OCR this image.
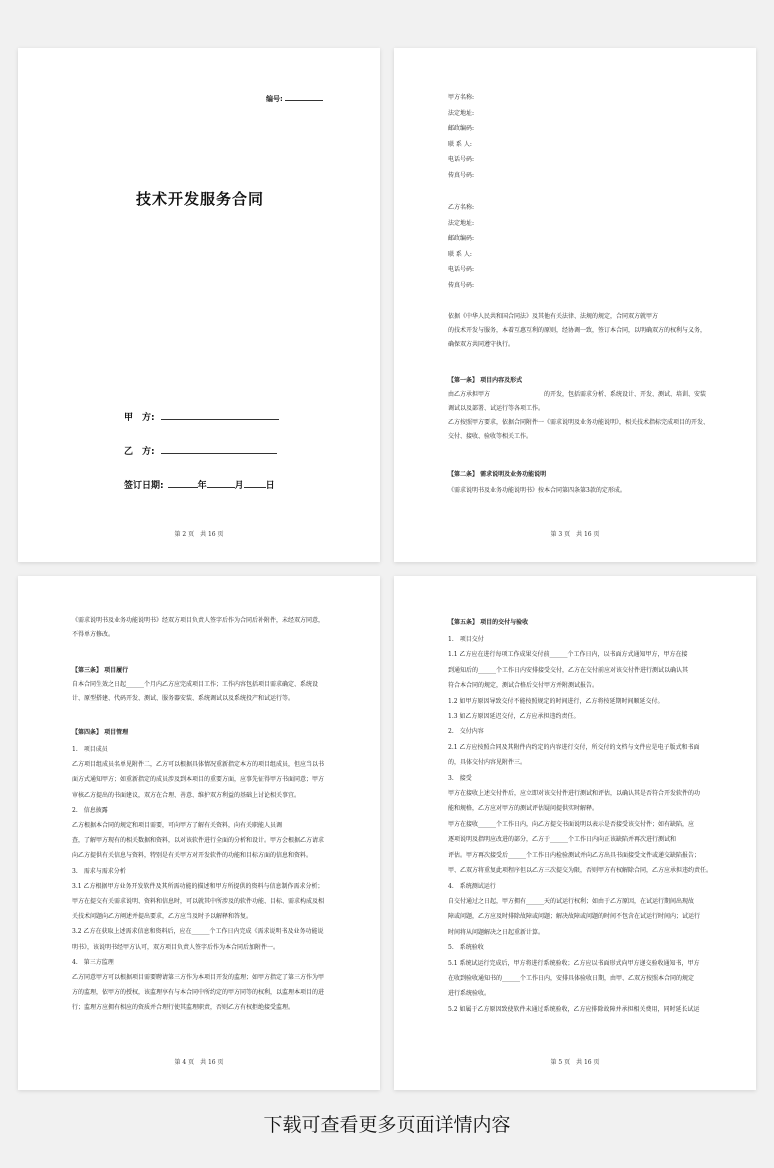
编号:
技术开发服务合同
甲　方:
乙　方:
签订日期:	年	月 日
第 2 页　共 16 页
甲方名称:
法定地址:
邮政编码:
联 系 人:
电话号码:
传真号码:
乙方名称:
法定地址:
邮政编码:
联 系 人:
电话号码:
传真号码:
依据《中华人民共和国合同法》及其他有关法律、法规的规定，合同双方就甲方
的技术开发与服务，本着互惠互利的原则，经协调一致，签订本合同，以明确双方的权利与义务，
确保双方共同遵守执行。
【第一条】 项目内容及形式
由乙方承担甲方　　　　　　　　　的开发，包括需求分析、系统设计、开发、测试、培训、安装
调试以及部署、试运行等各项工作。
乙方按照甲方要求，依据合同附件一《需求说明及业务功能说明》，相关技术指标完成项目的开发、
交付、接收、验收等相关工作。
【第二条】 需求说明及业务功能说明
《需求说明书及业务功能说明书》按本合同第四条第3款的定形成。
第 3 页　共 16 页
《需求说明书及业务功能说明书》经双方项目负责人签字后作为合同后补附件，未经双方同意，
不得单方修改。
【第三条】 项目履行
自本合同生效之日起______个月内乙方应完成项目工作；工作内容包括项目需求确定、系统设
计、原型搭建、代码开发、测试、服务器安装、系统调试以及系统投产和试运行等。
【第四条】 项目管理
1.　项目成员
乙方项目组成员名单见附件二，乙方可以根据具体情况重新指定本方的项目组成员，但应当以书
面方式通知甲方；如重新指定的成员涉及到本项目的重要方面，应事先征得甲方书面同意；甲方
审核乙方提出的书面建议，双方在合理、善意、维护双方利益的基础上讨论相关事宜。
2.　信息披露
乙方根据本合同的规定和项目需要，可向甲方了解有关资料，向有关职能人员调
查，了解甲方现有的相关数据和资料，以对该软件进行全面的分析和设计。甲方会根据乙方请求
向乙方提供有关信息与资料，特别是有关甲方对开发软件的功能和目标方面的信息和资料。
3.　需求与需求分析
3.1 乙方根据甲方业务开发软件及其所需功能的描述和甲方所提供的资料与信息制作需求分析；
甲方在提交有关需求说明、资料和信息时，可以就其中所涉及的软件功能、目标、需求构成及相
关技术问题向乙方阐述并提出要求，乙方应当及时予以解释和答复。
3.2 乙方在获取上述需求信息和资料后，应在______个工作日内完成《需求说明书及业务功能说
明书》，该说明书经甲方认可，双方项目负责人签字后作为本合同后加附件一。
4.　第三方监理
乙方同意甲方可以根据项目需要聘请第三方作为本项目开发的监理；如甲方指定了第三方作为甲
方的监理，依甲方的授权，该监理享有与本合同中所约定的甲方同等的权利，以监理本项目的进
行；监理方应拥有相应的资质并合理行使其监理职责，否则乙方有权拒绝接受监理。
第 4 页　共 16 页
【第五条】 项目的交付与验收
1.　项目交付
1.1 乙方应在进行每项工作成果交付前______个工作日内，以书面方式通知甲方，甲方在接
到通知后的______个工作日内安排接受交付，乙方在交付前应对该交付件进行测试以确认其
符合本合同的规定，测试合格后交付甲方并附测试报告。
1.2 如甲方原因导致交付不能按照规定的时间进行，乙方将按延期时间顺延交付。
1.3 如乙方原因延迟交付，乙方应承担违约责任。
2.　交付内容
2.1 乙方应按照合同及其附件内约定的内容进行交付，所交付的文档与文件应是电子版式和书面
的，具体交付内容见附件三。
3.　接受
甲方在接收上述交付件后，应立即对该交付件进行测试和评估，以确认其是否符合开发软件的功
能和规格，乙方应对甲方的测试评估疑问提供实时解释。
甲方在接收______个工作日内，向乙方提交书面说明以表示是否接受该交付件；如有缺陷，应
逐项说明及指明应改进的部分，乙方于______个工作日内向正该缺陷并再次进行测试和
评估。甲方再次接受后______个工作日内检验测试并向乙方出具书面接受文件或递交缺陷报告；
甲、乙双方将重复此项程序但以乙方三次提交为限，否则甲方有权解除合同，乙方应承担违约责任。
4.　系统测试运行
自交付通过之日起，甲方拥有______天的试运行权利；如由于乙方原因，在试运行期间出现故
障或问题，乙方应及时排除故障或问题；解决故障或问题的时间不包含在试运行时间内；试运行
时间将从问题解决之日起重新计算。
5.　系统验收
5.1 系统试运行完成后，甲方将进行系统验收；乙方应以书面形式向甲方递交验收通知书，甲方
在收到验收通知书的______个工作日内，安排具体验收日期，由甲、乙双方按照本合同的规定
进行系统验收。
5.2 如属于乙方原因致使软件未通过系统验收，乙方应排除故障并承担相关费用，同时延长试运
第 5 页　共 16 页
下载可查看更多页面详情内容
